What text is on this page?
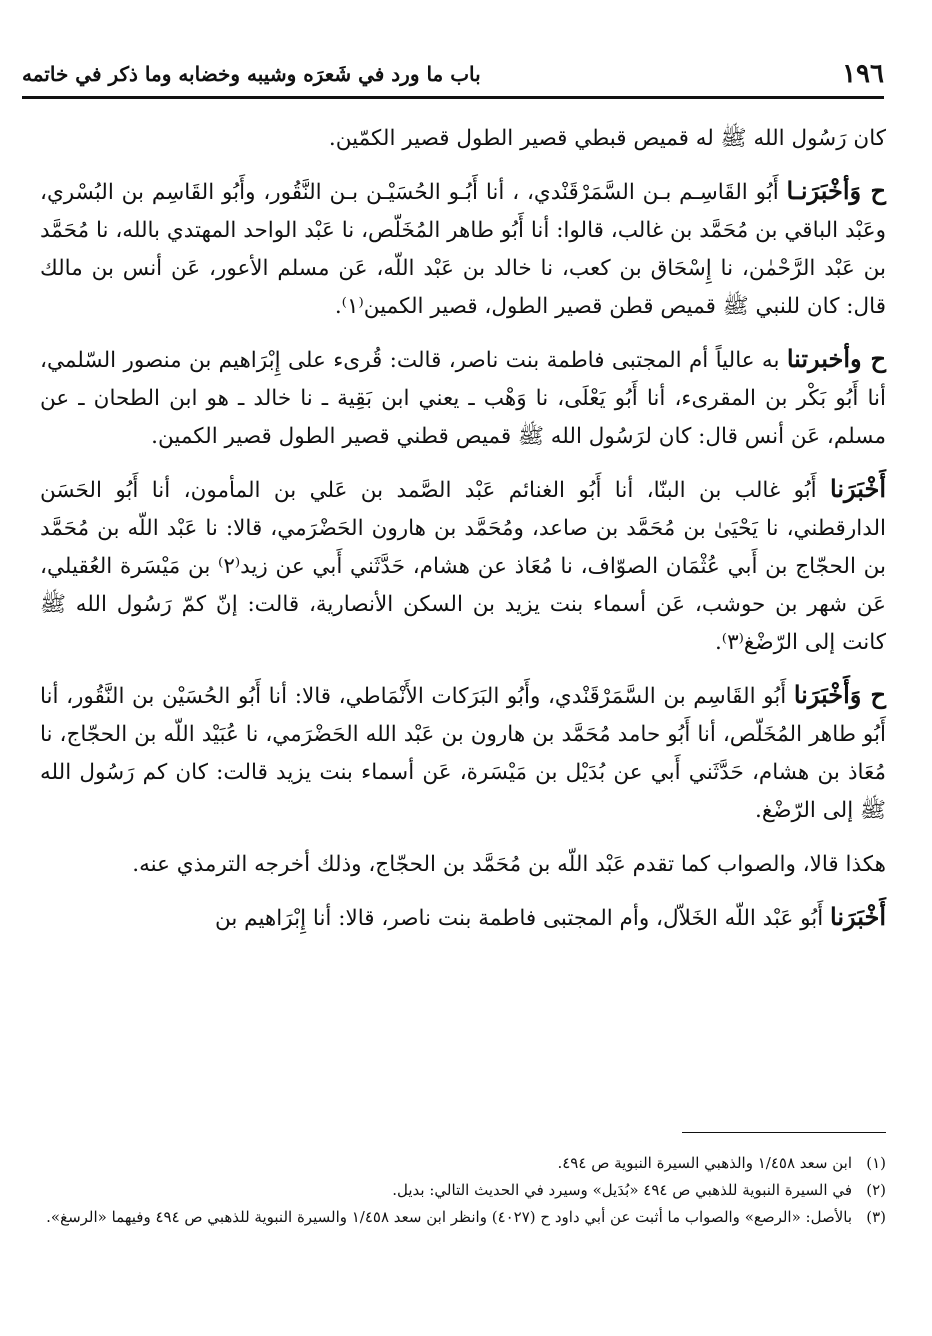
١٩٦
باب ما ورد في شَعرَه وشيبه وخضابه وما ذكر في خاتمه

كان رَسُول الله ﷺ له قميص قبطي قصير الطول قصير الكمّين.

ح وَأخْبَرَنـا أَبُو القَاسِـم بـن السَّمَرْقَنْدي، ، أنا أَبُـو الحُسَيْـن بـن النَّقُور، وأَبُو القَاسِم بن البُسْري، وعَبْد الباقي بن مُحَمَّد بن غالب، قالوا: أنا أَبُو طاهر المُخَلّص، نا عَبْد الواحد المهتدي بالله، نا مُحَمَّد بن عَبْد الرَّحْمٰن، نا إِسْحَاق بن كعب، نا خالد بن عَبْد اللّه، عَن مسلم الأعور، عَن أنس بن مالك قال: كان للنبي ﷺ قميص قطن قصير الطول، قصير الكمين⁽١⁾.

ح وأخبرتنا به عالياً أم المجتبى فاطمة بنت ناصر، قالت: قُرىء على إِبْرَاهيم بن منصور السّلمي، أنا أَبُو بَكْر بن المقرىء، أنا أَبُو يَعْلَى، نا وَهْب ـ يعني ابن بَقِية ـ نا خالد ـ هو ابن الطحان ـ عن مسلم، عَن أنس قال: كان لرَسُول الله ﷺ قميص قطني قصير الطول قصير الكمين.

أَخْبَرَنا أَبُو غالب بن البنّا، أنا أَبُو الغنائم عَبْد الصَّمد بن عَلي بن المأمون، أنا أَبُو الحَسَن الدارقطني، نا يَحْيَىٰ بن مُحَمَّد بن صاعد، ومُحَمَّد بن هارون الحَضْرَمي، قالا: نا عَبْد اللّه بن مُحَمَّد بن الحجّاج بن أَبي عُثْمَان الصوّاف، نا مُعَاذ عن هشام، حَدَّثَني أَبي عن زيد⁽٢⁾ بن مَيْسَرة العُقيلي، عَن شهر بن حوشب، عَن أسماء بنت يزيد بن السكن الأنصارية، قالت: إنّ كمّ رَسُول الله ﷺ كانت إلى الرّضْغ⁽٣⁾.

ح وَأَخْبَرَنا أَبُو القَاسِم بن السَّمَرْقَنْدي، وأَبُو البَرَكات الأَنْمَاطي، قالا: أنا أَبُو الحُسَيْن بن النَّقُور، أنا أَبُو طاهر المُخَلّص، أنا أَبُو حامد مُحَمَّد بن هارون بن عَبْد الله الحَضْرَمي، نا عُبَيْد اللّه بن الحجّاج، نا مُعَاذ بن هشام، حَدَّثَني أَبي عن بُدَيْل بن مَيْسَرة، عَن أسماء بنت يزيد قالت: كان كم رَسُول الله ﷺ إلى الرّضْغ.

هكذا قالا، والصواب كما تقدم عَبْد اللّه بن مُحَمَّد بن الحجّاج، وذلك أخرجه الترمذي عنه.

أَخْبَرَنا أَبُو عَبْد اللّه الخَلاّل، وأم المجتبى فاطمة بنت ناصر، قالا: أنا إِبْرَاهيم بن

(١)
ابن سعد ١/٤٥٨ والذهبي السيرة النبوية ص ٤٩٤.
(٢)
في السيرة النبوية للذهبي ص ٤٩٤ «بُدَيل» وسيرد في الحديث التالي: بديل.
(٣)
بالأصل: «الرصع» والصواب ما أثبت عن أبي داود ح (٤٠٢٧) وانظر ابن سعد ١/٤٥٨ والسيرة النبوية للذهبي ص ٤٩٤ وفيهما «الرسغ».
